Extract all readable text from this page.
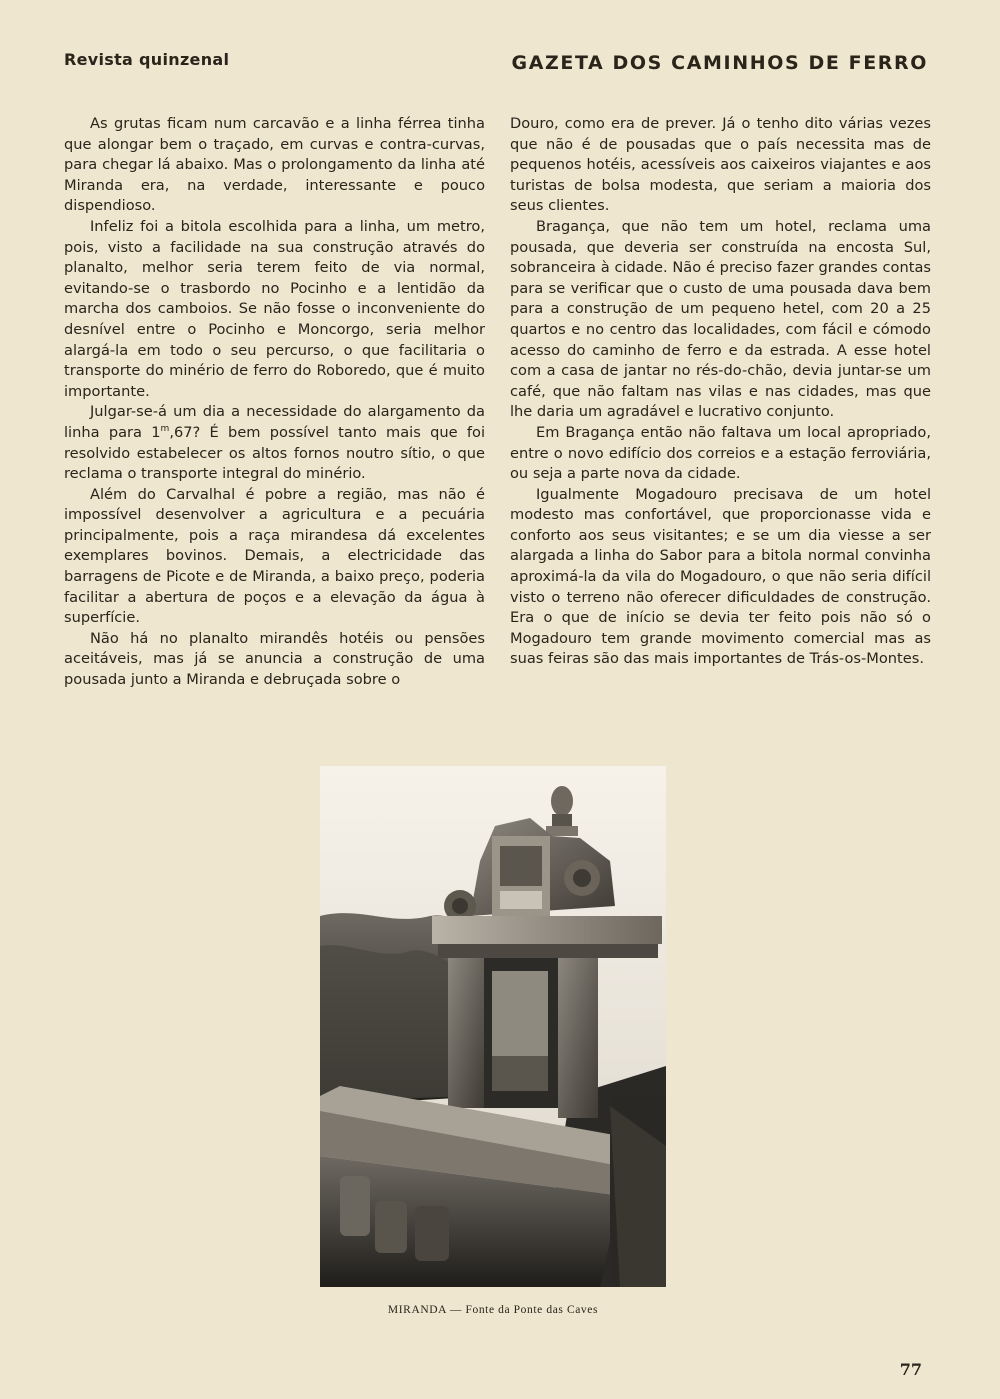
Revista quinzenal	GAZETA DOS CAMINHOS DE FERRO

As grutas ficam num carcavão e a linha férrea tinha que alongar bem o traçado, em curvas e contra-curvas, para chegar lá abaixo. Mas o prolongamento da linha até Miranda era, na verdade, interessante e pouco dispendioso.

Infeliz foi a bitola escolhida para a linha, um metro, pois, visto a facilidade na sua construção através do planalto, melhor seria terem feito de via normal, evitando-se o trasbordo no Pocinho e a lentidão da marcha dos camboios. Se não fosse o inconveniente do desnível entre o Pocinho e Moncorgo, seria melhor alargá-la em todo o seu percurso, o que facilitaria o transporte do minério de ferro do Roboredo, que é muito importante.

Julgar-se-á um dia a necessidade do alargamento da linha para 1$^m$,67? É bem possível tanto mais que foi resolvido estabelecer os altos fornos noutro sítio, o que reclama o transporte integral do minério.

Além do Carvalhal é pobre a região, mas não é impossível desenvolver a agricultura e a pecuária principalmente, pois a raça mirandesa dá excelentes exemplares bovinos. Demais, a electricidade das barragens de Picote e de Miranda, a baixo preço, poderia facilitar a abertura de poços e a elevação da água à superfície.

Não há no planalto mirandês hotéis ou pensões aceitáveis, mas já se anuncia a construção de uma pousada junto a Miranda e debruçada sobre o

Douro, como era de prever. Já o tenho dito várias vezes que não é de pousadas que o país necessita mas de pequenos hotéis, acessíveis aos caixeiros viajantes e aos turistas de bolsa modesta, que seriam a maioria dos seus clientes.

Bragança, que não tem um hotel, reclama uma pousada, que deveria ser construída na encosta Sul, sobranceira à cidade. Não é preciso fazer grandes contas para se verificar que o custo de uma pousada dava bem para a construção de um pequeno hetel, com 20 a 25 quartos e no centro das localidades, com fácil e cómodo acesso do caminho de ferro e da estrada. A esse hotel com a casa de jantar no rés-do-chão, devia juntar-se um café, que não faltam nas vilas e nas cidades, mas que lhe daria um agradável e lucrativo conjunto.

Em Bragança então não faltava um local apropriado, entre o novo edifício dos correios e a estação ferroviária, ou seja a parte nova da cidade.

Igualmente Mogadouro precisava de um hotel modesto mas confortável, que proporcionasse vida e conforto aos seus visitantes; e se um dia viesse a ser alargada a linha do Sabor para a bitola normal convinha aproximá-la da vila do Mogadouro, o que não seria difícil visto o terreno não oferecer dificuldades de construção. Era o que de início se devia ter feito pois não só o Mogadouro tem grande movimento comercial mas as suas feiras são das mais importantes de Trás-os-Montes.

MIRANDA — Fonte da Ponte das Caves
77
